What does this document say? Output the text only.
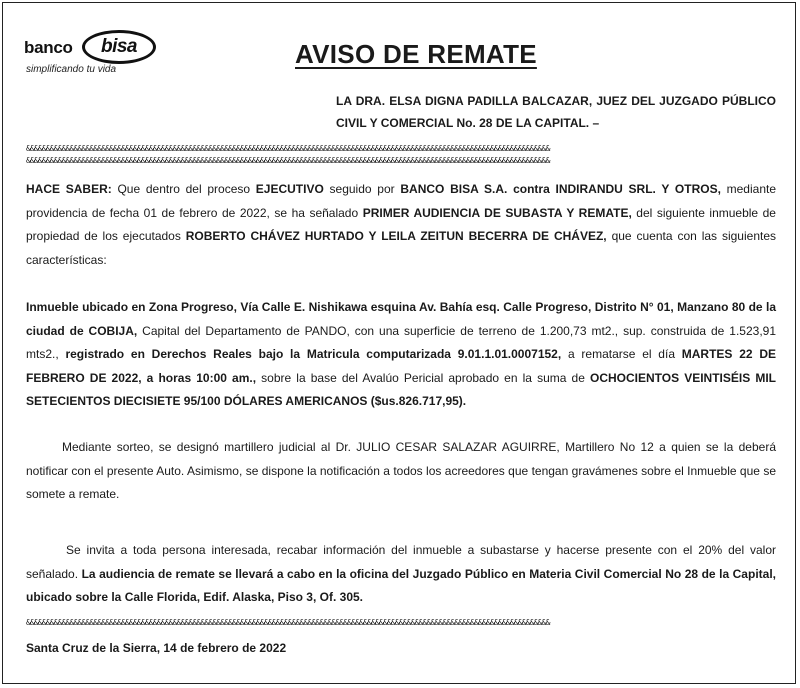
banco	bisa
simplificando tu vida
AVISO DE REMATE
LA DRA. ELSA DIGNA PADILLA BALCAZAR, JUEZ DEL JUZGADO PÚBLICO CIVIL Y COMERCIAL No. 28 DE LA CAPITAL. –
&&&&&&&&&&&&&&&&&&&&&&&&&&&&&&&&&&&&&&&&&&&&&&&&&&&&&&&&&&&&&&&&&&&&&&&&&&&&&&&&&&&&&&&&&&&&&&&&&&&&&&&&&&&&&&&&&&&&&&&&&&&&&&&&&&&&
&&&&&&&&&&&&&&&&&&&&&&&&&&&&&&&&&&&&&&&&&&&&&&&&&&&&&&&&&&&&&&&&&&&&&&&&&&&&&&&&&&&&&&&&&&&&&&&&&&&&&&&&&&&&&&&&&&&&&&&&&&&&&&&&&&&&

HACE SABER: Que dentro del proceso EJECUTIVO seguido por BANCO BISA S.A. contra INDIRANDU SRL. Y OTROS, mediante providencia de fecha 01 de febrero de 2022, se ha señalado PRIMER AUDIENCIA DE SUBASTA Y REMATE, del siguiente inmueble de propiedad de los ejecutados ROBERTO CHÁVEZ HURTADO Y LEILA ZEITUN BECERRA DE CHÁVEZ, que cuenta con las siguientes características:

Inmueble ubicado en Zona Progreso, Vía Calle E. Nishikawa esquina Av. Bahía esq. Calle Progreso, Distrito N° 01, Manzano 80 de la ciudad de COBIJA, Capital del Departamento de PANDO, con una superficie de terreno de 1.200,73 mt2., sup. construida de 1.523,91 mts2., registrado en Derechos Reales bajo la Matricula computarizada 9.01.1.01.0007152, a rematarse el día MARTES 22 DE FEBRERO DE 2022, a horas 10:00 am., sobre la base del Avalúo Pericial aprobado en la suma de OCHOCIENTOS VEINTISÉIS MIL SETECIENTOS DIECISIETE 95/100 DÓLARES AMERICANOS ($us.826.717,95).

Mediante sorteo, se designó martillero judicial al Dr. JULIO CESAR SALAZAR AGUIRRE, Martillero No 12 a quien se la deberá notificar con el presente Auto. Asimismo, se dispone la notificación a todos los acreedores que tengan gravámenes sobre el Inmueble que se somete a remate.

Se invita a toda persona interesada, recabar información del inmueble a subastarse y hacerse presente con el 20% del valor señalado. La audiencia de remate se llevará a cabo en la oficina del Juzgado Público en Materia Civil Comercial No 28 de la Capital, ubicado sobre la Calle Florida, Edif. Alaska, Piso 3, Of. 305.

&&&&&&&&&&&&&&&&&&&&&&&&&&&&&&&&&&&&&&&&&&&&&&&&&&&&&&&&&&&&&&&&&&&&&&&&&&&&&&&&&&&&&&&&&&&&&&&&&&&&&&&&&&&&&&&&&&&&&&&&&&&&&&&&&&&&
Santa Cruz de la Sierra, 14 de febrero de 2022
